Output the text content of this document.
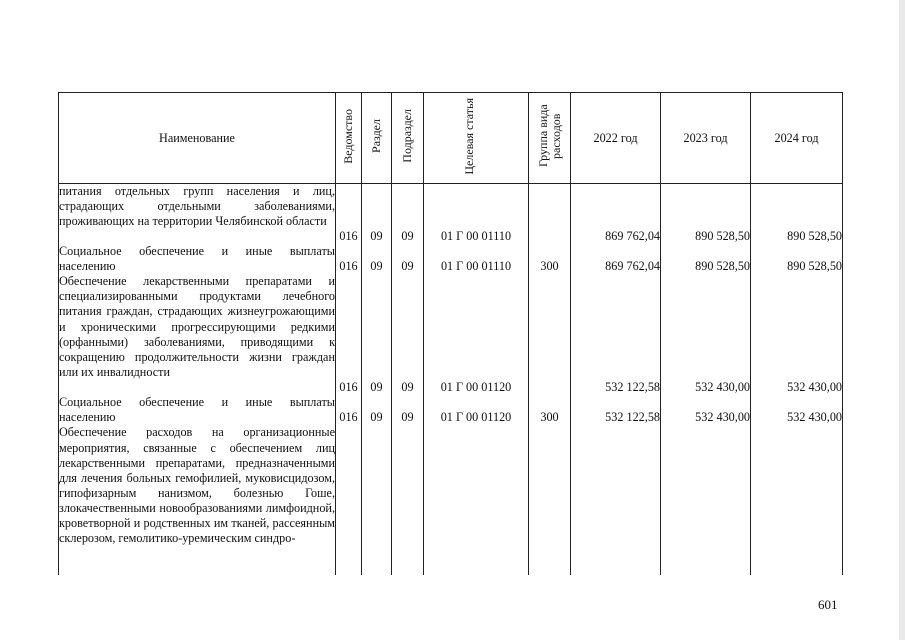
Наименование	Ведомство	Раздел	Подраздел	Целевая статья	Группа вида расходов	2022 год	2023 год	2024 год
питания отдельных групп населения и лиц, страдающих отдельными заболеваниями, проживающих на территории Челябинской области	016	09	09	01 Г 00 01110		869 762,04	890 528,50	890 528,50
Социальное обеспечение и иные выплаты населению	016	09	09	01 Г 00 01110	300	869 762,04	890 528,50	890 528,50
Обеспечение лекарственными препаратами и специализированными продуктами лечебного питания граждан, страдающих жизнеугрожающими и хроническими прогрессирующими редкими (орфанными) заболеваниями, приводящими к сокращению продолжительности жизни граждан или их инвалидности	016	09	09	01 Г 00 01120		532 122,58	532 430,00	532 430,00
Социальное обеспечение и иные выплаты населению	016	09	09	01 Г 00 01120	300	532 122,58	532 430,00	532 430,00
Обеспечение расходов на организационные мероприятия, связанные с обеспечением лиц лекарственными препаратами, предназначенными для лечения больных гемофилией, муковисцидозом, гипофизарным нанизмом, болезнью Гоше, злокачественными новообразованиями лимфоидной, кроветворной и родственных им тканей, рассеянным склерозом, гемолитико-уремическим синдро-								
601
